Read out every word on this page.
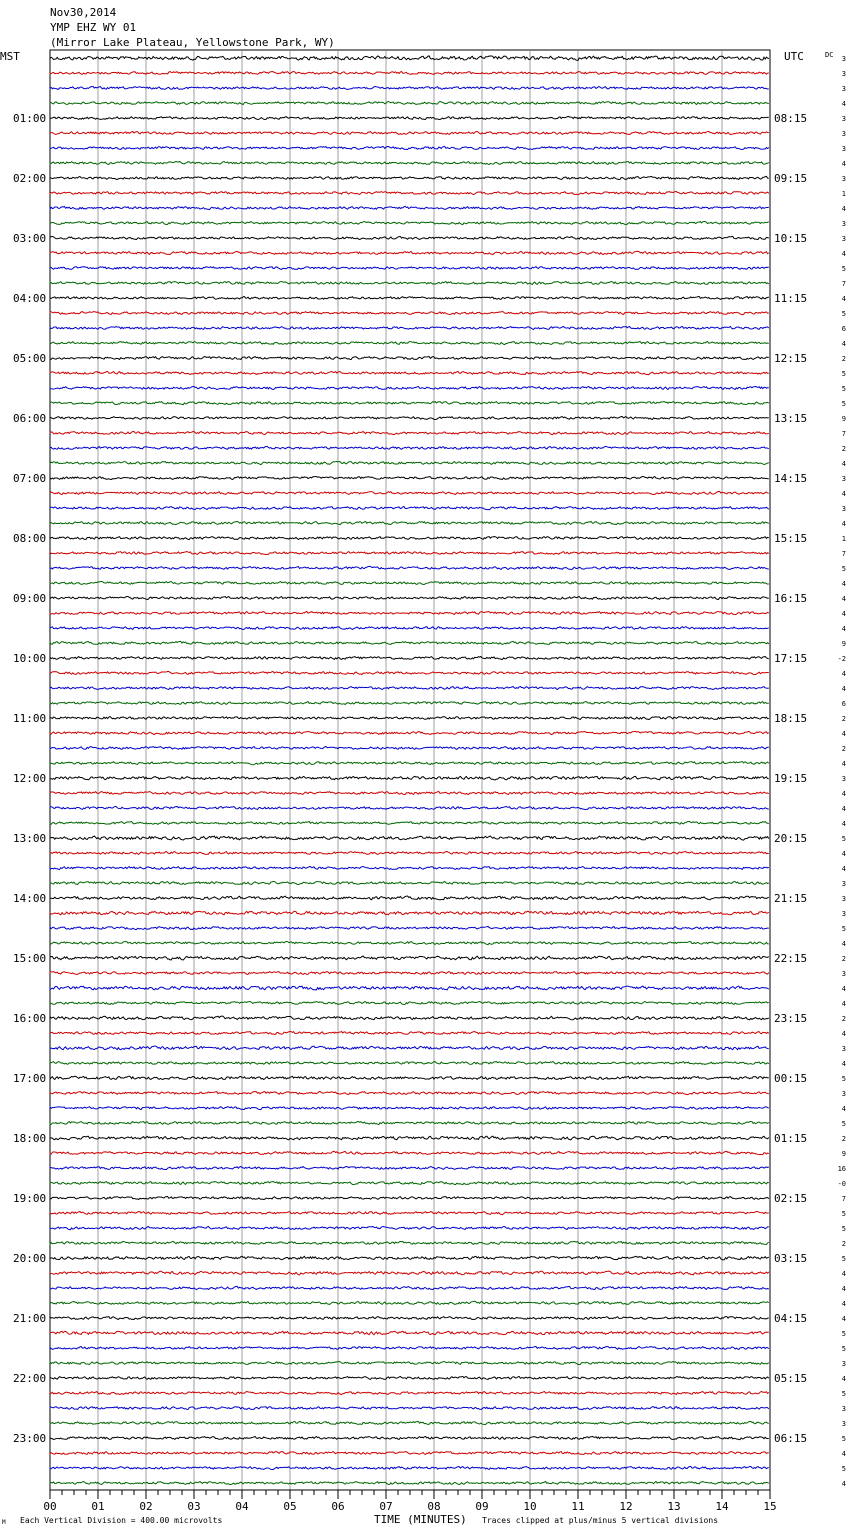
Nov30,2014
YMP EHZ WY 01
(Mirror Lake Plateau, Yellowstone Park, WY)
MST	UTC	DC
01:00
02:00
03:00
04:00
05:00
06:00
07:00
08:00
09:00
10:00
11:00
12:00
13:00
14:00
15:00
16:00
17:00
18:00
19:00
20:00
21:00
22:00
23:00
08:15
09:15
10:15
11:15
12:15
13:15
14:15
15:15
16:15
17:15
18:15
19:15
20:15
21:15
22:15
23:15
00:15
01:15
02:15
03:15
04:15
05:15
06:15
3
3
3
4
3
3
3
4
3
1
4
3
3
4
5
7
4
5
6
4
2
5
5
5
9
7
2
4
3
4
3
4
1
7
5
4
4
4
4
9
-2
4
4
6
2
4
2
4
3
4
4
4
5
4
4
3
3
3
5
4
2
3
4
4
2
4
3
4
5
3
4
5
2
9
16
-0
7
5
5
2
5
4
4
4
4
5
5
3
4
5
3
3
5
4
5
4
00	01	02	03	04	05	06	07	08	09	10	11	12	13	14	15
M Each Vertical Division = 400.00 microvolts	TIME (MINUTES) Traces clipped at plus/minus 5 vertical divisions
